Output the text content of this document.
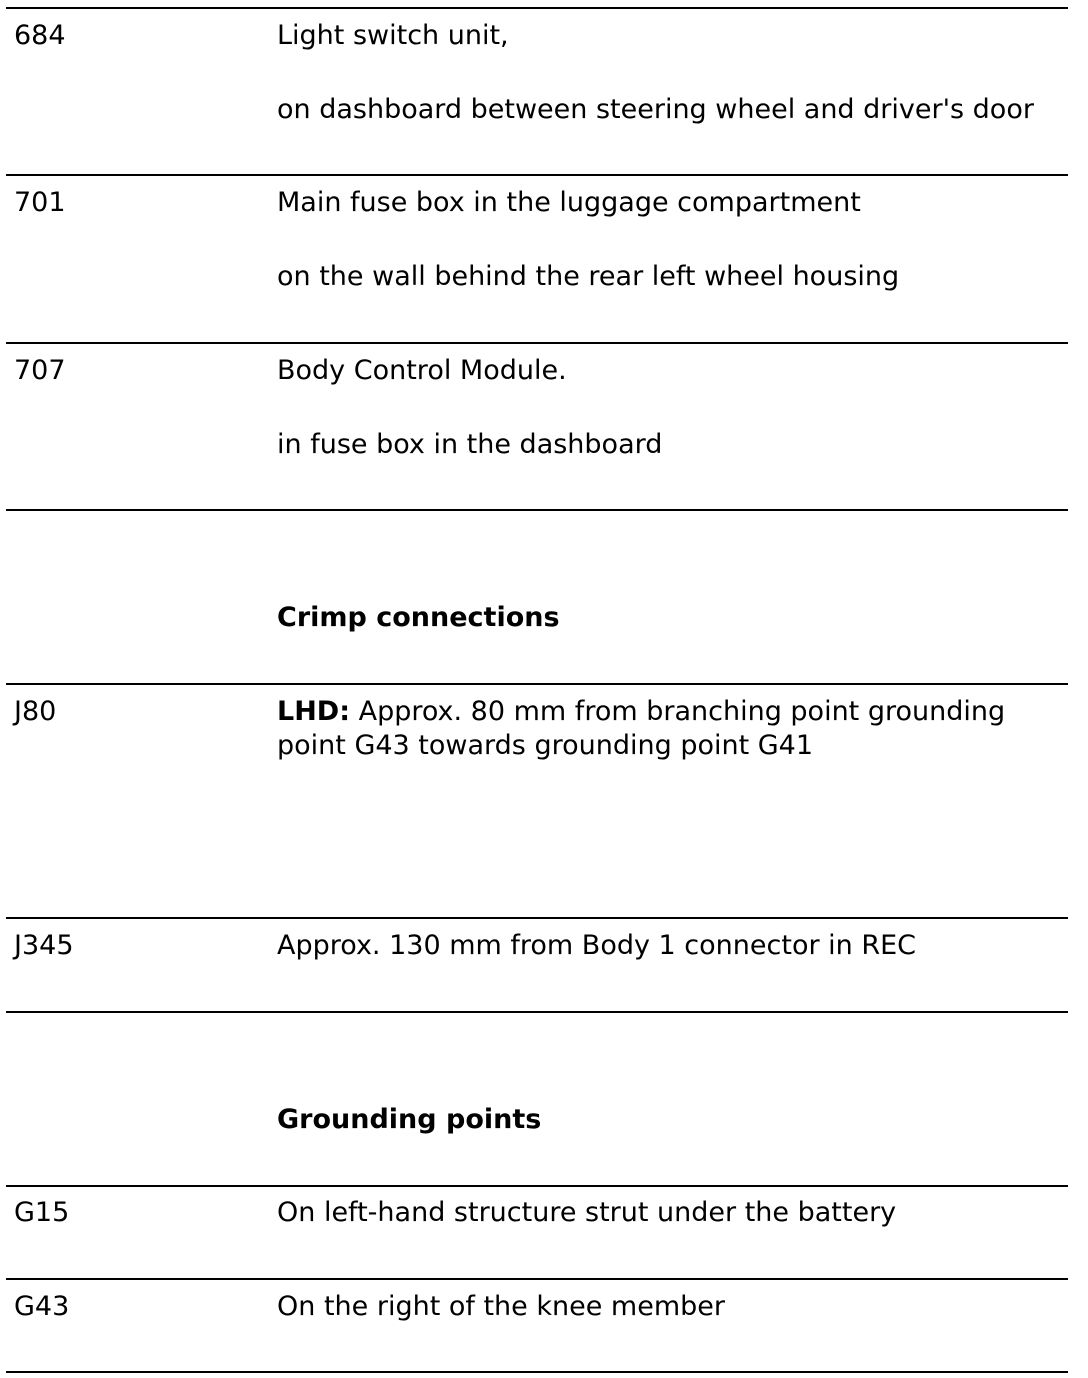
684	Light switch unit,
on dashboard between steering wheel and driver's door
701	Main fuse box in the luggage compartment
on the wall behind the rear left wheel housing
707	Body Control Module.
in fuse box in the dashboard
Crimp connections
J80	LHD: Approx. 80 mm from branching point grounding point G43 towards grounding point G41
J345	Approx. 130 mm from Body 1 connector in REC
Grounding points
G15	On left-hand structure strut under the battery
G43	On the right of the knee member
